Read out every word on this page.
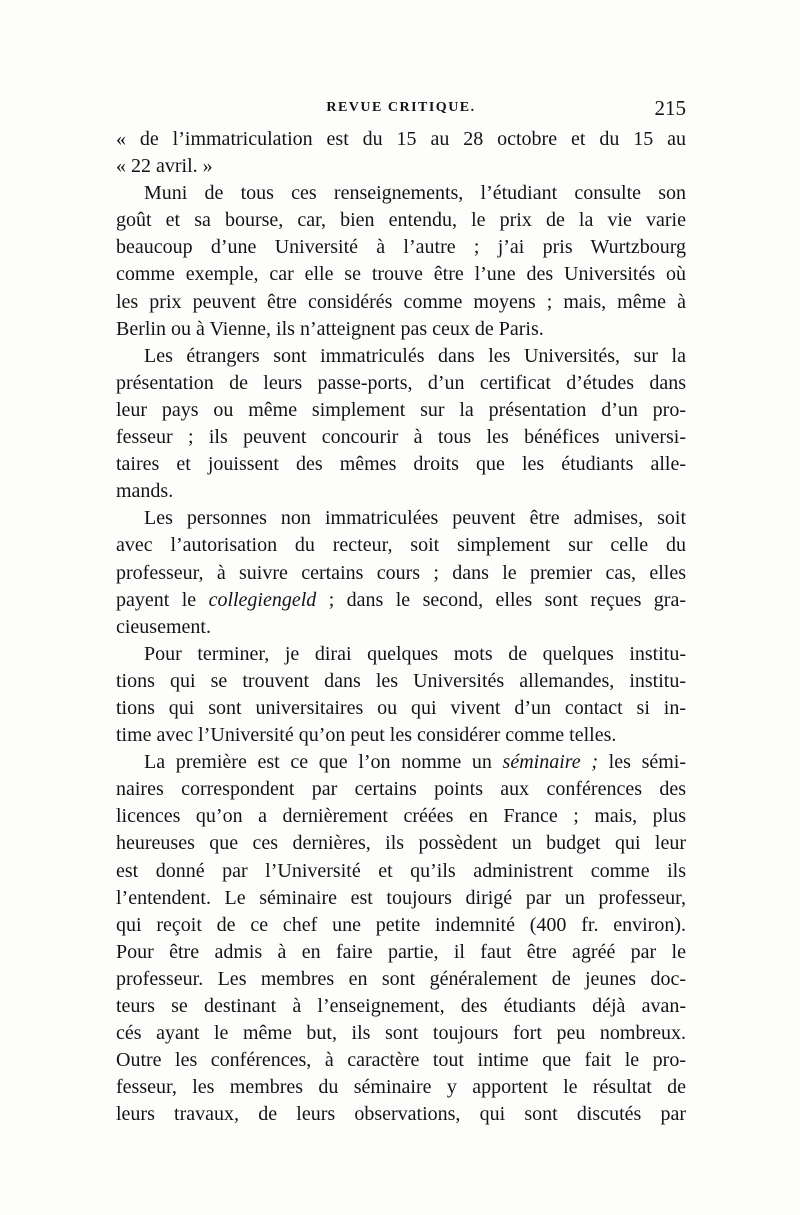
REVUE CRITIQUE.	215
« de l’immatriculation est du 15 au 28 octobre et du 15 au
« 22 avril. »
Muni de tous ces renseignements, l’étudiant consulte son
goût et sa bourse, car, bien entendu, le prix de la vie varie
beaucoup d’une Université à l’autre ; j’ai pris Wurtzbourg
comme exemple, car elle se trouve être l’une des Universités où
les prix peuvent être considérés comme moyens ; mais, même à
Berlin ou à Vienne, ils n’atteignent pas ceux de Paris.
Les étrangers sont immatriculés dans les Universités, sur la
présentation de leurs passe-ports, d’un certificat d’études dans
leur pays ou même simplement sur la présentation d’un pro-
fesseur ; ils peuvent concourir à tous les bénéfices universi-
taires et jouissent des mêmes droits que les étudiants alle-
mands.
Les personnes non immatriculées peuvent être admises, soit
avec l’autorisation du recteur, soit simplement sur celle du
professeur, à suivre certains cours ; dans le premier cas, elles
payent le collegiengeld ; dans le second, elles sont reçues gra-
cieusement.
Pour terminer, je dirai quelques mots de quelques institu-
tions qui se trouvent dans les Universités allemandes, institu-
tions qui sont universitaires ou qui vivent d’un contact si in-
time avec l’Université qu’on peut les considérer comme telles.
La première est ce que l’on nomme un séminaire ; les sémi-
naires correspondent par certains points aux conférences des
licences qu’on a dernièrement créées en France ; mais, plus
heureuses que ces dernières, ils possèdent un budget qui leur
est donné par l’Université et qu’ils administrent comme ils
l’entendent. Le séminaire est toujours dirigé par un professeur,
qui reçoit de ce chef une petite indemnité (400 fr. environ).
Pour être admis à en faire partie, il faut être agréé par le
professeur. Les membres en sont généralement de jeunes doc-
teurs se destinant à l’enseignement, des étudiants déjà avan-
cés ayant le même but, ils sont toujours fort peu nombreux.
Outre les conférences, à caractère tout intime que fait le pro-
fesseur, les membres du séminaire y apportent le résultat de
leurs travaux, de leurs observations, qui sont discutés par
